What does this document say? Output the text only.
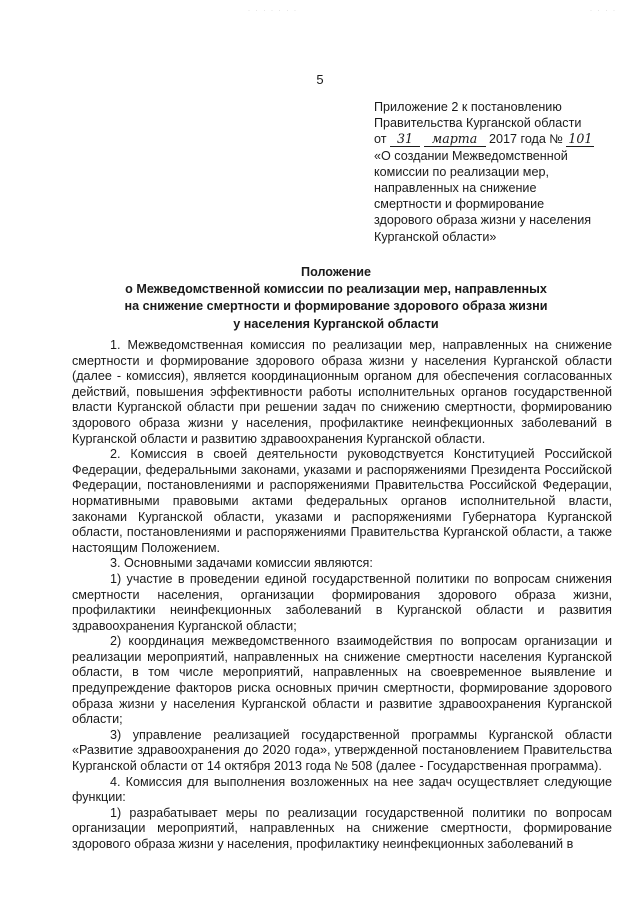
· · · · · · ·	· · · ·
5
Приложение 2 к постановлению
Правительства Курганской области
от 31 марта 2017 года № 101
«О создании Межведомственной
комиссии по реализации мер,
направленных на снижение
смертности и формирование
здорового образа жизни у населения
Курганской области»
Положение
о Межведомственной комиссии по реализации мер, направленных
на снижение смертности и формирование здорового образа жизни
у населения Курганской области

1. Межведомственная комиссия по реализации мер, направленных на снижение смертности и формирование здорового образа жизни у населения Курганской области (далее - комиссия), является координационным органом для обеспечения согласованных действий, повышения эффективности работы исполнительных органов государственной власти Курганской области при решении задач по снижению смертности, формированию здорового образа жизни у населения, профилактике неинфекционных заболеваний в Курганской области и развитию здравоохранения Курганской области.

2. Комиссия в своей деятельности руководствуется Конституцией Российской Федерации, федеральными законами, указами и распоряжениями Президента Российской Федерации, постановлениями и распоряжениями Правительства Российской Федерации, нормативными правовыми актами федеральных органов исполнительной власти, законами Курганской области, указами и распоряжениями Губернатора Курганской области, постановлениями и распоряжениями Правительства Курганской области, а также настоящим Положением.

3. Основными задачами комиссии являются:

1) участие в проведении единой государственной политики по вопросам снижения смертности населения, организации формирования здорового образа жизни, профилактики неинфекционных заболеваний в Курганской области и развития здравоохранения Курганской области;

2) координация межведомственного взаимодействия по вопросам организации и реализации мероприятий, направленных на снижение смертности населения Курганской области, в том числе мероприятий, направленных на своевременное выявление и предупреждение факторов риска основных причин смертности, формирование здорового образа жизни у населения Курганской области и развитие здравоохранения Курганской области;

3) управление реализацией государственной программы Курганской области «Развитие здравоохранения до 2020 года», утвержденной постановлением Правительства Курганской области от 14 октября 2013 года № 508 (далее - Государственная программа).

4. Комиссия для выполнения возложенных на нее задач осуществляет следующие функции:

1) разрабатывает меры по реализации государственной политики по вопросам организации мероприятий, направленных на снижение смертности, формирование здорового образа жизни у населения, профилактику неинфекционных заболеваний в
